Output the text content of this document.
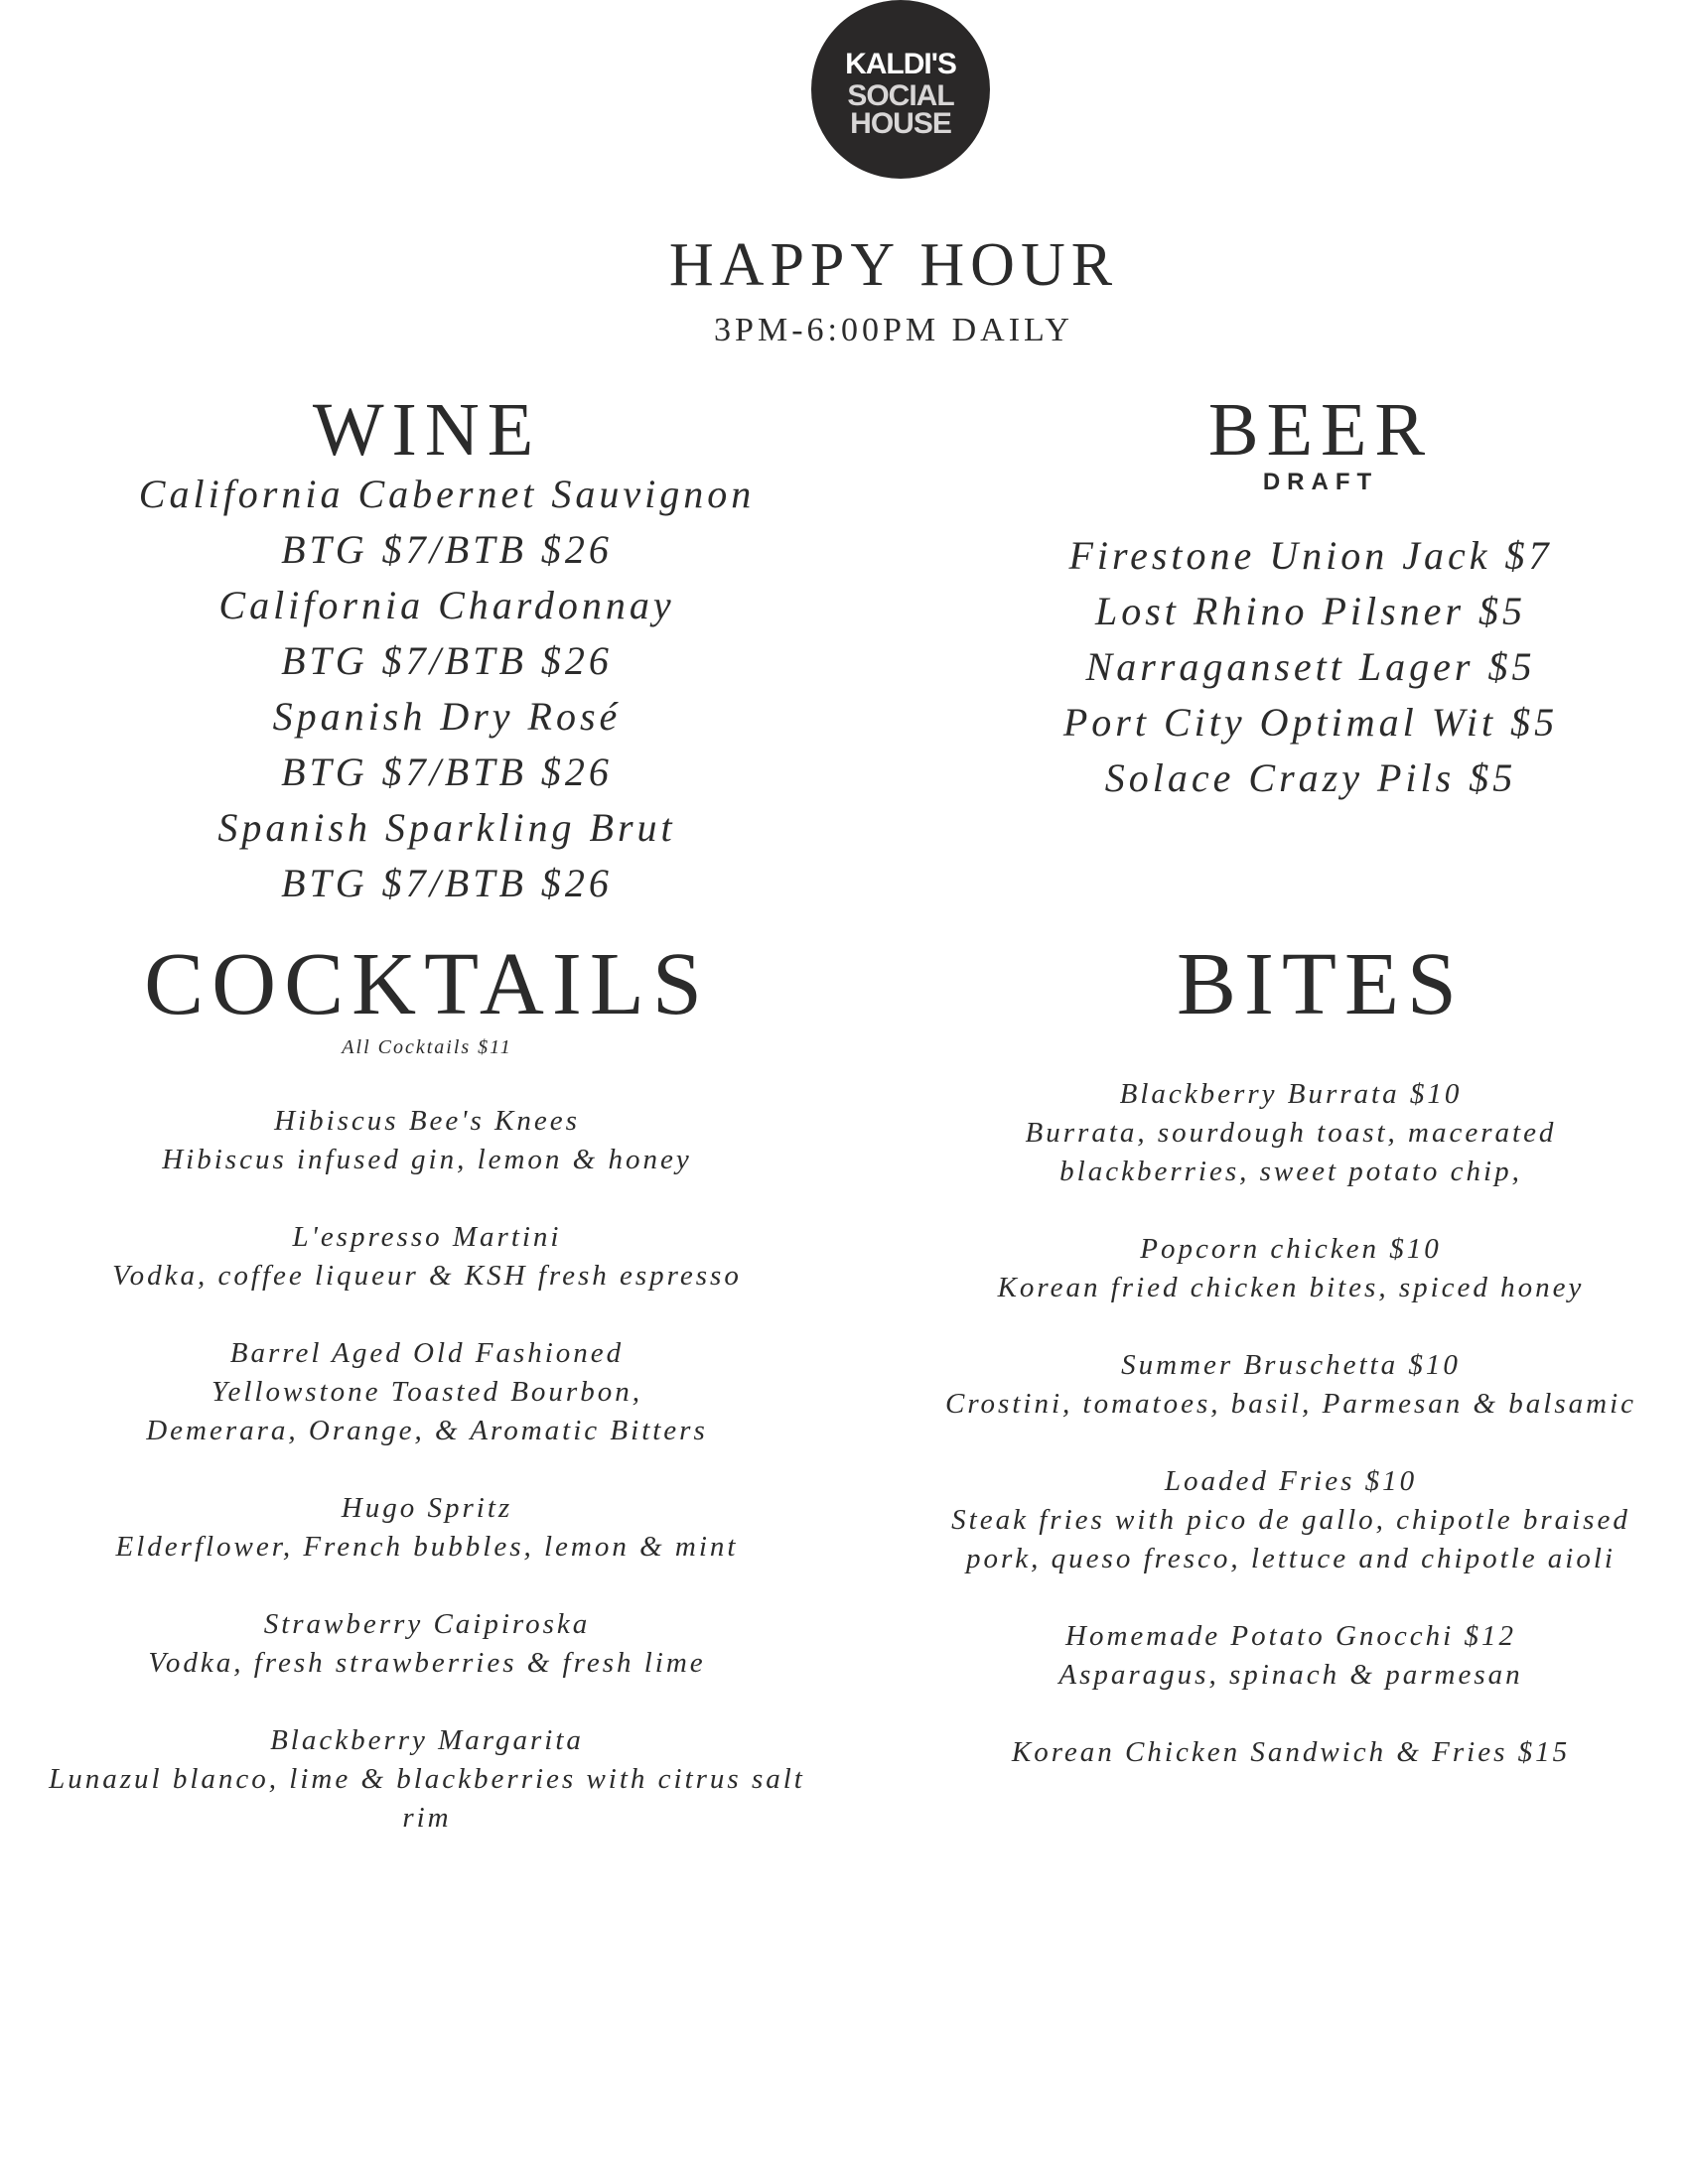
KALDI'S
SOCIAL
HOUSE
HAPPY HOUR
3PM-6:00PM DAILY
WINE
California Cabernet Sauvignon
BTG $7/BTB $26
California Chardonnay
BTG $7/BTB $26
Spanish Dry Rosé
BTG $7/BTB $26
Spanish Sparkling Brut
BTG $7/BTB $26
BEER
DRAFT
Firestone Union Jack $7
Lost Rhino Pilsner $5
Narragansett Lager $5
Port City Optimal Wit $5
Solace Crazy Pils $5
COCKTAILS
All Cocktails $11
Hibiscus Bee's Knees
Hibiscus infused gin, lemon & honey
L'espresso Martini
Vodka, coffee liqueur & KSH fresh espresso
Barrel Aged Old Fashioned
Yellowstone Toasted Bourbon,
Demerara, Orange, & Aromatic Bitters
Hugo Spritz
Elderflower, French bubbles, lemon & mint
Strawberry Caipiroska
Vodka, fresh strawberries & fresh lime
Blackberry Margarita
Lunazul blanco, lime & blackberries with citrus salt
rim
BITES
Blackberry Burrata $10
Burrata, sourdough toast, macerated
blackberries, sweet potato chip,
Popcorn chicken $10
Korean fried chicken bites, spiced honey
Summer Bruschetta $10
Crostini, tomatoes, basil, Parmesan & balsamic
Loaded Fries $10
Steak fries with pico de gallo, chipotle braised
pork, queso fresco, lettuce and chipotle aioli
Homemade Potato Gnocchi $12
Asparagus, spinach & parmesan
Korean Chicken Sandwich & Fries $15
